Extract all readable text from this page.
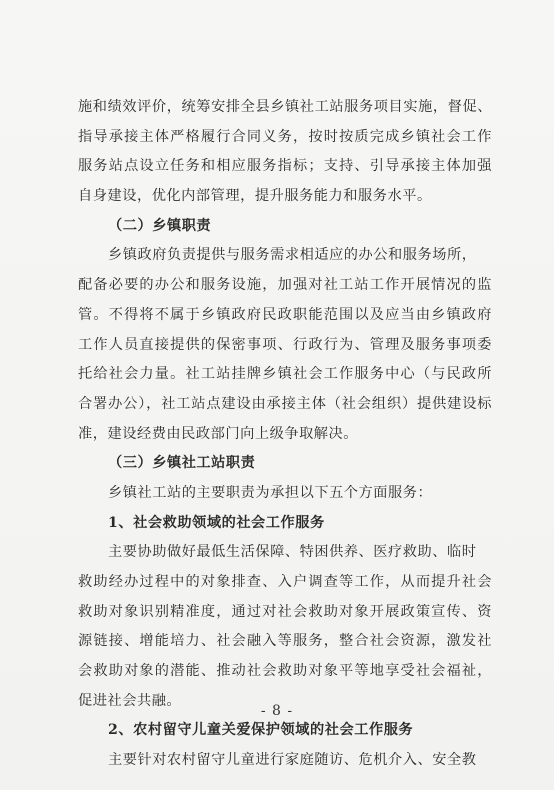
施和绩效评价，统筹安排全县乡镇社工站服务项目实施，督促、
指导承接主体严格履行合同义务，按时按质完成乡镇社会工作
服务站点设立任务和相应服务指标；支持、引导承接主体加强
自身建设，优化内部管理，提升服务能力和服务水平。
（二）乡镇职责
乡镇政府负责提供与服务需求相适应的办公和服务场所，
配备必要的办公和服务设施，加强对社工站工作开展情况的监
管。不得将不属于乡镇政府民政职能范围以及应当由乡镇政府
工作人员直接提供的保密事项、行政行为、管理及服务事项委
托给社会力量。社工站挂牌乡镇社会工作服务中心（与民政所
合署办公），社工站点建设由承接主体（社会组织）提供建设标
准，建设经费由民政部门向上级争取解决。
（三）乡镇社工站职责
乡镇社工站的主要职责为承担以下五个方面服务：
1、社会救助领域的社会工作服务
主要协助做好最低生活保障、特困供养、医疗救助、临时
救助经办过程中的对象排查、入户调查等工作，从而提升社会
救助对象识别精准度，通过对社会救助对象开展政策宣传、资
源链接、增能培力、社会融入等服务，整合社会资源，激发社
会救助对象的潜能、推动社会救助对象平等地享受社会福祉，
促进社会共融。
2、农村留守儿童关爱保护领域的社会工作服务
主要针对农村留守儿童进行家庭随访、危机介入、安全教
- 8 -
